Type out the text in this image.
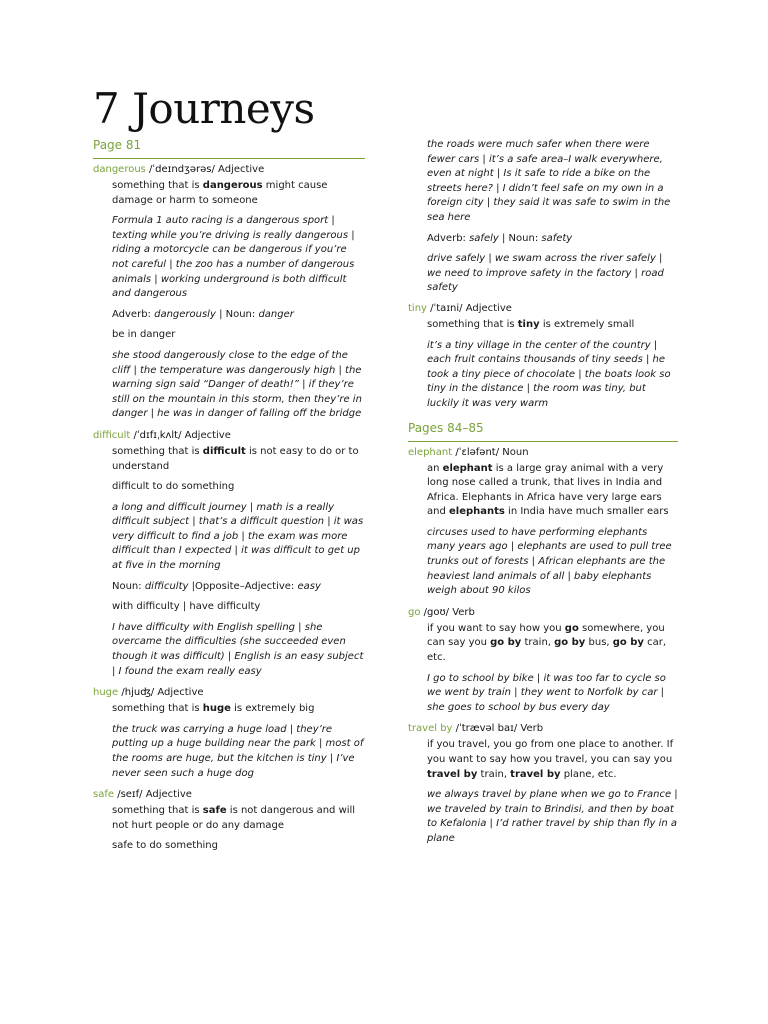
7 Journeys
Page 81
dangerous /ˈdeɪndʒərəs/ Adjective

something that is dangerous might cause damage or harm to someone

Formula 1 auto racing is a dangerous sport | texting while you’re driving is really dangerous | riding a motorcycle can be dangerous if you’re not careful | the zoo has a number of dangerous animals | working underground is both difficult and dangerous

Adverb: dangerously | Noun: danger

be in danger

she stood dangerously close to the edge of the cliff | the temperature was dangerously high | the warning sign said “Danger of death!” | if they’re still on the mountain in this storm, then they’re in danger | he was in danger of falling off the bridge

difficult /ˈdɪfɪˌkʌlt/ Adjective

something that is difficult is not easy to do or to understand

difficult to do something

a long and difficult journey | math is a really difficult subject | that’s a difficult question | it was very difficult to find a job | the exam was more difficult than I expected | it was difficult to get up at five in the morning

Noun: difficulty |Opposite–Adjective: easy

with difficulty | have difficulty

I have difficulty with English spelling | she overcame the difficulties (she succeeded even though it was difficult) | English is an easy subject | I found the exam really easy

huge /hjuʤ/ Adjective

something that is huge is extremely big

the truck was carrying a huge load | they’re putting up a huge building near the park | most of the rooms are huge, but the kitchen is tiny | I’ve never seen such a huge dog

safe /seɪf/ Adjective

something that is safe is not dangerous and will not hurt people or do any damage

safe to do something

the roads were much safer when there were fewer cars | it’s a safe area–I walk everywhere, even at night | Is it safe to ride a bike on the streets here? | I didn’t feel safe on my own in a foreign city | they said it was safe to swim in the sea here

Adverb: safely | Noun: safety

drive safely | we swam across the river safely | we need to improve safety in the factory | road safety

tiny /ˈtaɪni/ Adjective

something that is tiny is extremely small

it’s a tiny village in the center of the country | each fruit contains thousands of tiny seeds | he took a tiny piece of chocolate | the boats look so tiny in the distance | the room was tiny, but luckily it was very warm

Pages 84–85
elephant /ˈɛləfənt/ Noun

an elephant is a large gray animal with a very long nose called a trunk, that lives in India and Africa. Elephants in Africa have very large ears and elephants in India have much smaller ears

circuses used to have performing elephants many years ago | elephants are used to pull tree trunks out of forests | African elephants are the heaviest land animals of all | baby elephants weigh about 90 kilos

go /goʊ/ Verb

if you want to say how you go somewhere, you can say you go by train, go by bus, go by car, etc.

I go to school by bike | it was too far to cycle so we went by train | they went to Norfolk by car | she goes to school by bus every day

travel by /ˈtrævəl baɪ/ Verb

if you travel, you go from one place to another. If you want to say how you travel, you can say you travel by train, travel by plane, etc.

we always travel by plane when we go to France | we traveled by train to Brindisi, and then by boat to Kefalonia | I’d rather travel by ship than fly in a plane
